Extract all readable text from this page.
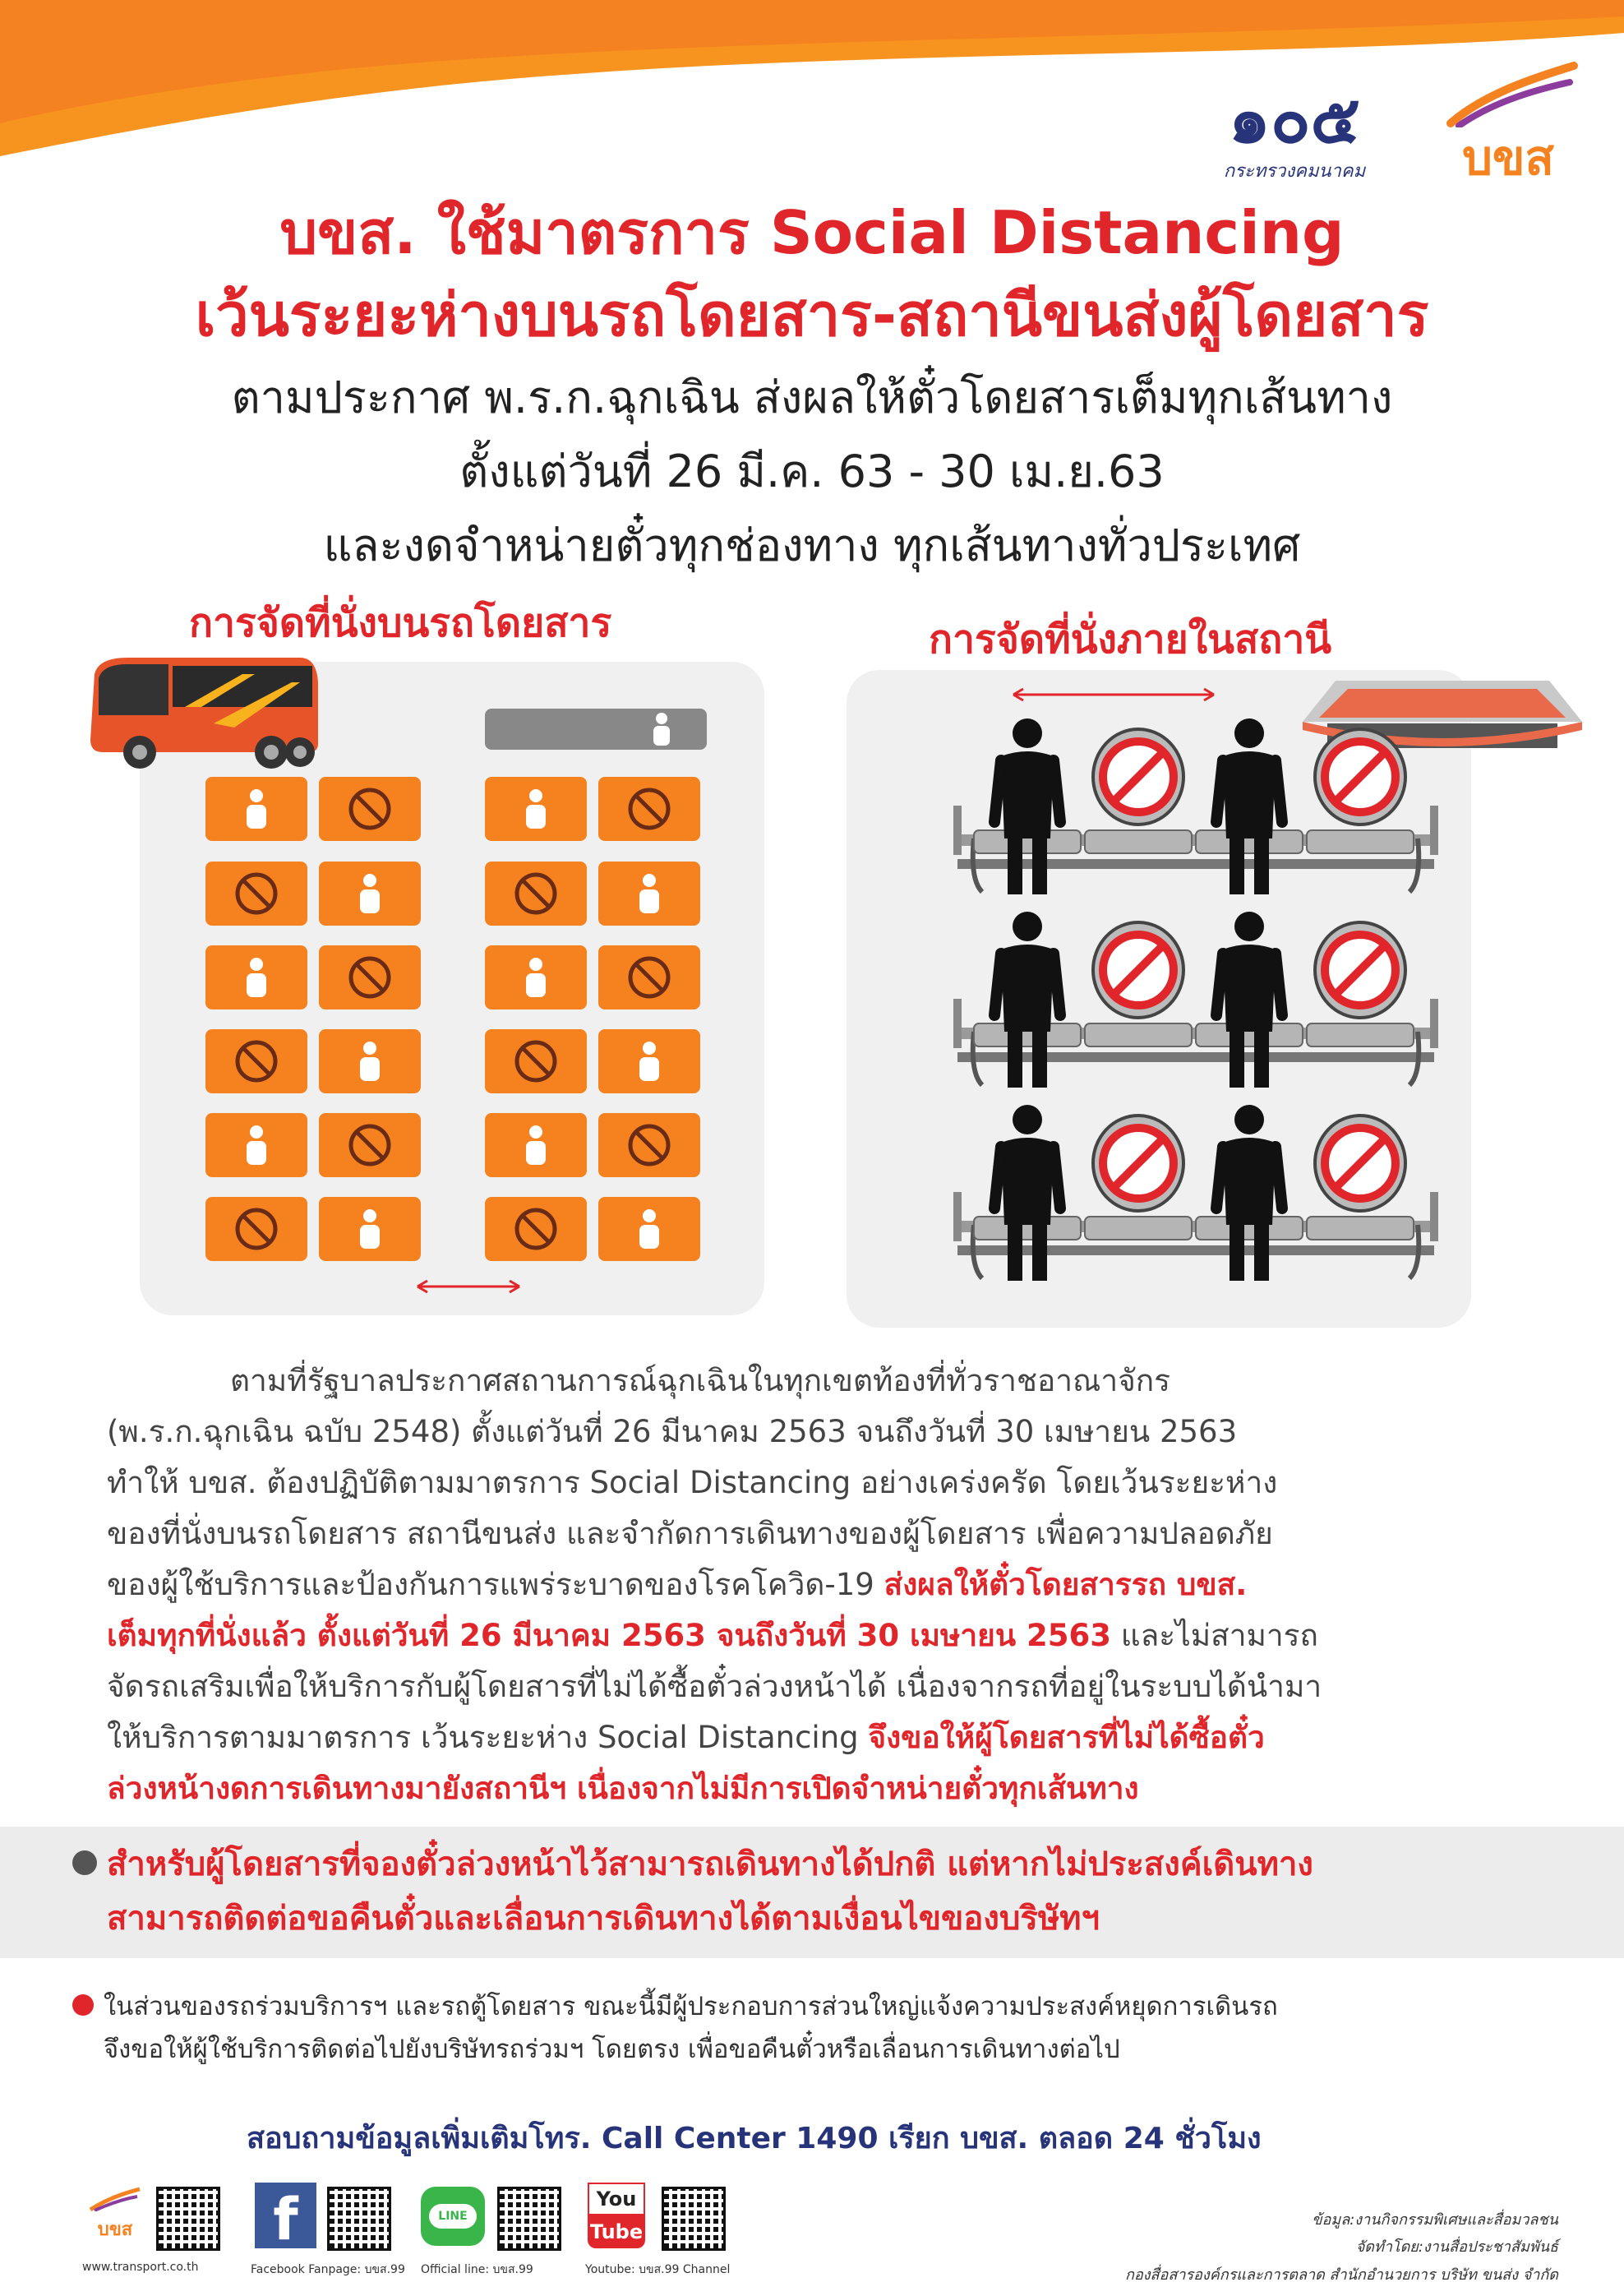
๑๐๕
กระทรวงคมนาคม	บขส
บขส. ใช้มาตรการ Social Distancing
เว้นระยะห่างบนรถโดยสาร-สถานีขนส่งผู้โดยสาร
ตามประกาศ พ.ร.ก.ฉุกเฉิน ส่งผลให้ตั๋วโดยสารเต็มทุกเส้นทาง
ตั้งแต่วันที่ 26 มี.ค. 63 - 30 เม.ย.63
และงดจำหน่ายตั๋วทุกช่องทาง ทุกเส้นทางทั่วประเทศ
การจัดที่นั่งบนรถโดยสาร	การจัดที่นั่งภายในสถานี
ตามที่รัฐบาลประกาศสถานการณ์ฉุกเฉินในทุกเขตท้องที่ทั่วราชอาณาจักร
(พ.ร.ก.ฉุกเฉิน ฉบับ 2548) ตั้งแต่วันที่ 26 มีนาคม 2563 จนถึงวันที่ 30 เมษายน 2563
ทำให้ บขส. ต้องปฏิบัติตามมาตรการ Social Distancing อย่างเคร่งครัด โดยเว้นระยะห่าง
ของที่นั่งบนรถโดยสาร สถานีขนส่ง และจำกัดการเดินทางของผู้โดยสาร เพื่อความปลอดภัย
ของผู้ใช้บริการและป้องกันการแพร่ระบาดของโรคโควิด-19 ส่งผลให้ตั๋วโดยสารรถ บขส.
เต็มทุกที่นั่งแล้ว ตั้งแต่วันที่ 26 มีนาคม 2563 จนถึงวันที่ 30 เมษายน 2563 และไม่สามารถ
จัดรถเสริมเพื่อให้บริการกับผู้โดยสารที่ไม่ได้ซื้อตั๋วล่วงหน้าได้ เนื่องจากรถที่อยู่ในระบบได้นำมา
ให้บริการตามมาตรการ เว้นระยะห่าง Social Distancing จึงขอให้ผู้โดยสารที่ไม่ได้ซื้อตั๋ว
ล่วงหน้างดการเดินทางมายังสถานีฯ เนื่องจากไม่มีการเปิดจำหน่ายตั๋วทุกเส้นทาง
สำหรับผู้โดยสารที่จองตั๋วล่วงหน้าไว้สามารถเดินทางได้ปกติ แต่หากไม่ประสงค์เดินทาง
สามารถติดต่อขอคืนตั๋วและเลื่อนการเดินทางได้ตามเงื่อนไขของบริษัทฯ
ในส่วนของรถร่วมบริการฯ และรถตู้โดยสาร ขณะนี้มีผู้ประกอบการส่วนใหญ่แจ้งความประสงค์หยุดการเดินรถ
จึงขอให้ผู้ใช้บริการติดต่อไปยังบริษัทรถร่วมฯ โดยตรง เพื่อขอคืนตั๋วหรือเลื่อนการเดินทางต่อไป
สอบถามข้อมูลเพิ่มเติมโทร. Call Center 1490 เรียก บขส. ตลอด 24 ชั่วโมง
บขส
www.transport.co.th
f
Facebook Fanpage: บขส.99
LINE
Official line: บขส.99
You
Tube
Youtube: บขส.99 Channel
ข้อมูล:งานกิจกรรมพิเศษและสื่อมวลชน
จัดทำโดย:งานสื่อประชาสัมพันธ์
กองสื่อสารองค์กรและการตลาด สำนักอำนวยการ บริษัท ขนส่ง จำกัด
